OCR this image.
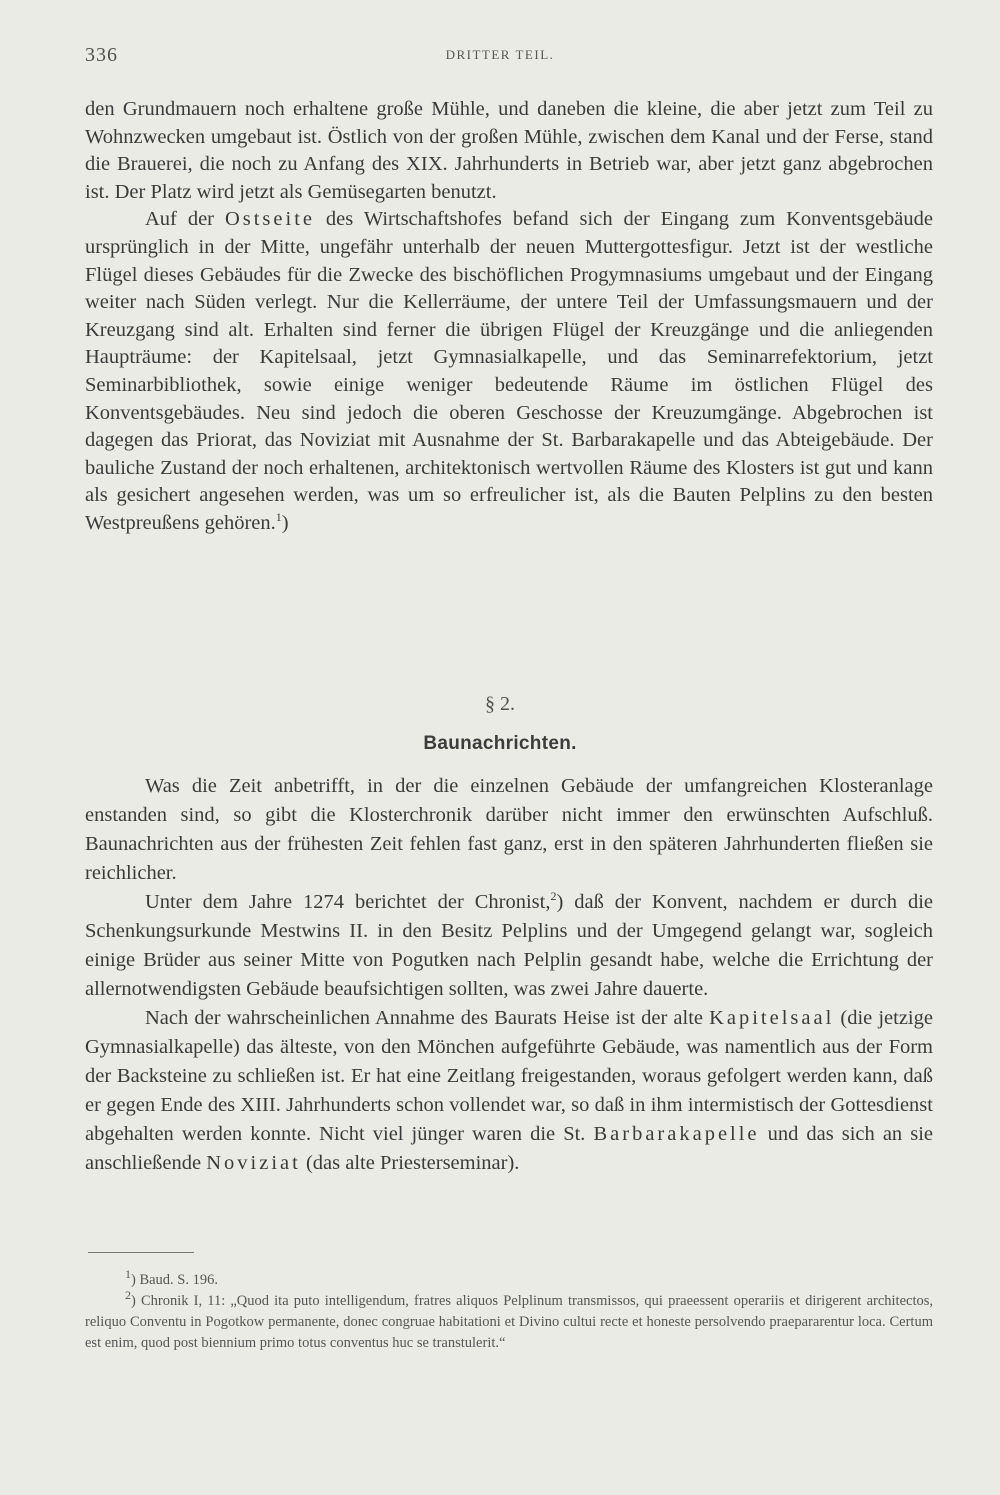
336	DRITTER TEIL.

den Grundmauern noch erhaltene große Mühle, und daneben die kleine, die aber jetzt zum Teil zu Wohnzwecken umgebaut ist. Östlich von der großen Mühle, zwischen dem Kanal und der Ferse, stand die Brauerei, die noch zu Anfang des XIX. Jahrhunderts in Betrieb war, aber jetzt ganz abgebrochen ist. Der Platz wird jetzt als Gemüsegarten benutzt.

Auf der Ostseite des Wirtschaftshofes befand sich der Eingang zum Konventsgebäude ursprünglich in der Mitte, ungefähr unterhalb der neuen Muttergottesfigur. Jetzt ist der westliche Flügel dieses Gebäudes für die Zwecke des bischöflichen Progymnasiums umgebaut und der Eingang weiter nach Süden verlegt. Nur die Kellerräume, der untere Teil der Umfassungsmauern und der Kreuzgang sind alt. Erhalten sind ferner die übrigen Flügel der Kreuzgänge und die anliegenden Haupträume: der Kapitelsaal, jetzt Gymnasialkapelle, und das Seminarrefektorium, jetzt Seminarbibliothek, sowie einige weniger bedeutende Räume im östlichen Flügel des Konventsgebäudes. Neu sind jedoch die oberen Geschosse der Kreuzumgänge. Abgebrochen ist dagegen das Priorat, das Noviziat mit Ausnahme der St. Barbarakapelle und das Abteigebäude. Der bauliche Zustand der noch erhaltenen, architektonisch wertvollen Räume des Klosters ist gut und kann als gesichert angesehen werden, was um so erfreulicher ist, als die Bauten Pelplins zu den besten Westpreußens gehören.$^1$)

§ 2.
Baunachrichten.

Was die Zeit anbetrifft, in der die einzelnen Gebäude der umfangreichen Klosteranlage enstanden sind, so gibt die Klosterchronik darüber nicht immer den erwünschten Aufschluß. Baunachrichten aus der frühesten Zeit fehlen fast ganz, erst in den späteren Jahrhunderten fließen sie reichlicher.

Unter dem Jahre 1274 berichtet der Chronist,$^2$) daß der Konvent, nachdem er durch die Schenkungsurkunde Mestwins II. in den Besitz Pelplins und der Umgegend gelangt war, sogleich einige Brüder aus seiner Mitte von Pogutken nach Pelplin gesandt habe, welche die Errichtung der allernotwendigsten Gebäude beaufsichtigen sollten, was zwei Jahre dauerte.

Nach der wahrscheinlichen Annahme des Baurats Heise ist der alte Kapitelsaal (die jetzige Gymnasialkapelle) das älteste, von den Mönchen aufgeführte Gebäude, was namentlich aus der Form der Backsteine zu schließen ist. Er hat eine Zeitlang freigestanden, woraus gefolgert werden kann, daß er gegen Ende des XIII. Jahrhunderts schon vollendet war, so daß in ihm intermistisch der Gottesdienst abgehalten werden konnte. Nicht viel jünger waren die St. Barbarakapelle und das sich an sie anschließende Noviziat (das alte Priesterseminar).

$^1$) Baud. S. 196.

$^2$) Chronik I, 11: „Quod ita puto intelligendum, fratres aliquos Pelplinum transmissos, qui praeessent operariis et dirigerent architectos, reliquo Conventu in Pogotkow permanente, donec congruae habitationi et Divino cultui recte et honeste persolvendo praepararentur loca. Certum est enim, quod post biennium primo totus conventus huc se transtulerit.“
